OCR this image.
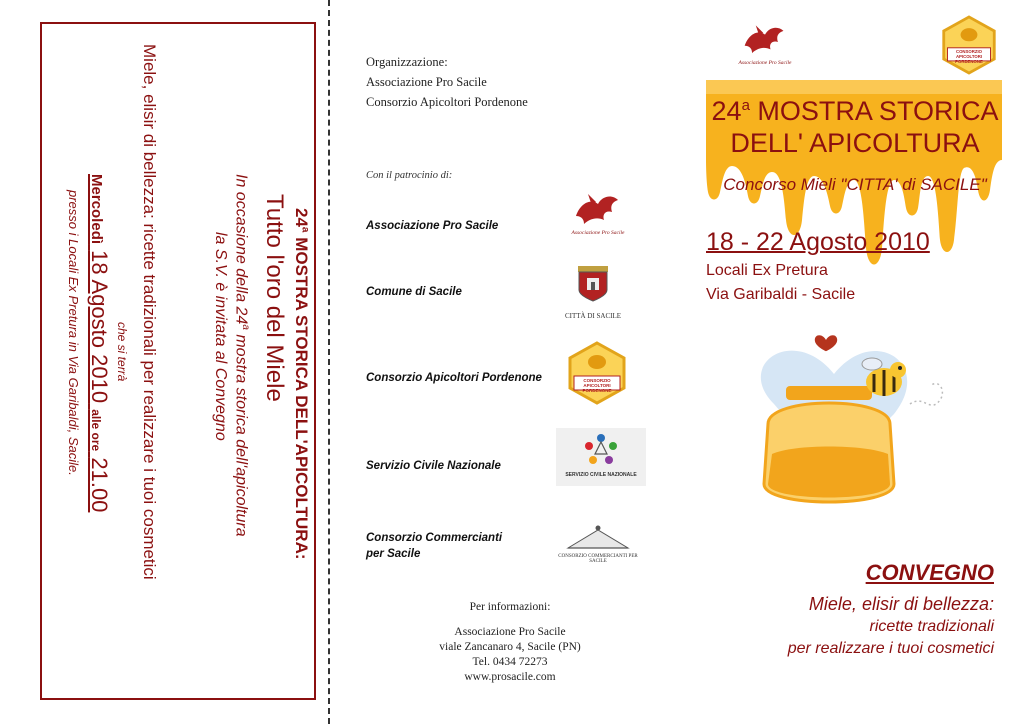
24$^a$ MOSTRA STORICA DELL'APICOLTURA:
Tutto l'oro del Miele
In occasione della 24$^a$ mostra storica dell'apicoltura
la S.V. è invitata al Convegno
che si terrà Miele, elisir di bellezza: ricette tradizionali per realizzare i tuoi cosmetici
Mercoledì 18 Agosto 2010 alle ore 21.00
presso i Locali Ex Pretura in Via Garibaldi, Sacile.
Organizzazione:
Associazione Pro Sacile
Consorzio Apicoltori Pordenone
Con il patrocinio di:
Associazione Pro Sacile
Comune di Sacile
Consorzio Apicoltori Pordenone
Servizio Civile Nazionale
Consorzio Commercianti
per Sacile
Associazione Pro Sacile
CITTÀ DI SACILE
CONSORZIO APICOLTORI PORDENONE
SERVIZIO CIVILE NAZIONALE
CONSORZIO COMMERCIANTI PER SACILE
Per informazioni:
Associazione Pro Sacile
viale Zancanaro 4, Sacile (PN)
Tel. 0434 72273
www.prosacile.com
Associazione Pro Sacile
CONSORZIO APICOLTORI PORDENONE
24$^a$ MOSTRA STORICA
DELL' APICOLTURA
Concorso Mieli "CITTA' di SACILE"
18 - 22 Agosto 2010
Locali Ex Pretura
Via Garibaldi - Sacile
CONVEGNO
Miele, elisir di bellezza:
ricette tradizionali
per realizzare i tuoi cosmetici
